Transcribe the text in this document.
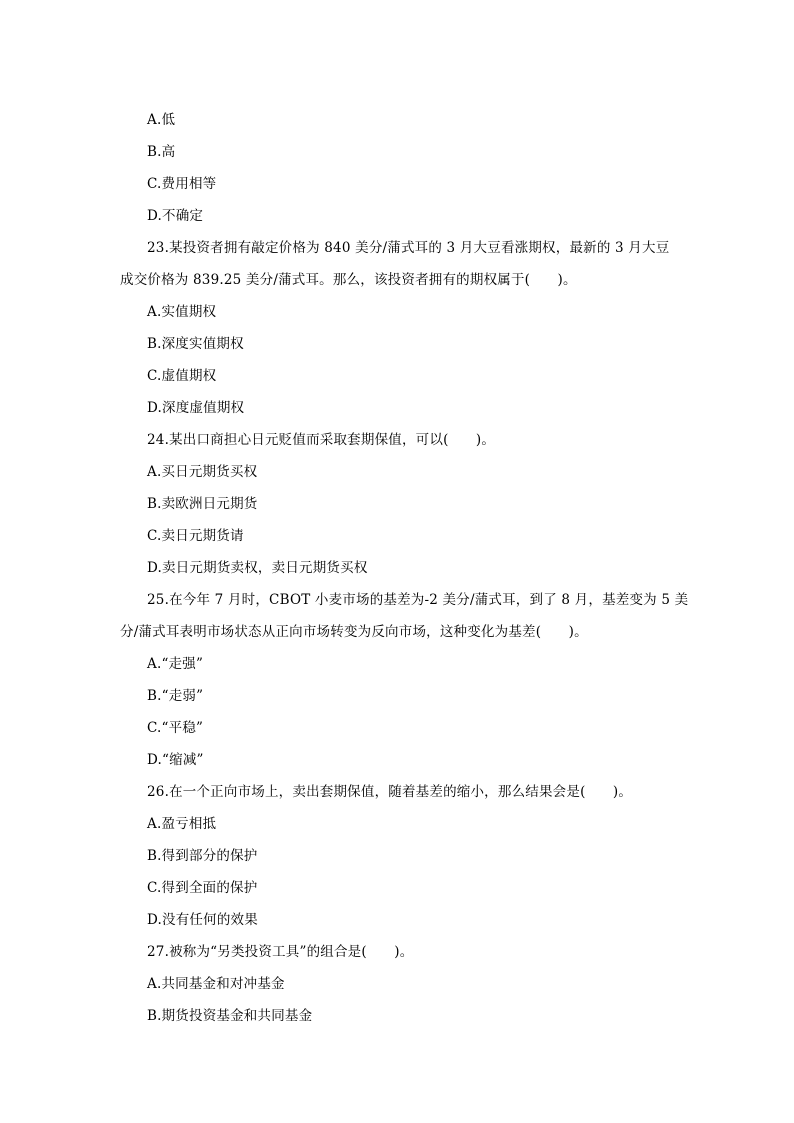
A.低
B.高
C.费用相等
D.不确定
23.某投资者拥有敲定价格为 840 美分/蒲式耳的 3 月大豆看涨期权，最新的 3 月大豆
成交价格为 839.25 美分/蒲式耳。那么，该投资者拥有的期权属于(　　)。
A.实值期权
B.深度实值期权
C.虚值期权
D.深度虚值期权
24.某出口商担心日元贬值而采取套期保值，可以(　　)。
A.买日元期货买权
B.卖欧洲日元期货
C.卖日元期货请
D.卖日元期货卖权，卖日元期货买权
25.在今年 7 月时，CBOT 小麦市场的基差为-2 美分/蒲式耳，到了 8 月，基差变为 5 美
分/蒲式耳表明市场状态从正向市场转变为反向市场，这种变化为基差(　　)。
A.“走强”
B.“走弱”
C.“平稳”
D.“缩减”
26.在一个正向市场上，卖出套期保值，随着基差的缩小，那么结果会是(　　)。
A.盈亏相抵
B.得到部分的保护
C.得到全面的保护
D.没有任何的效果
27.被称为“另类投资工具”的组合是(　　)。
A.共同基金和对冲基金
B.期货投资基金和共同基金
